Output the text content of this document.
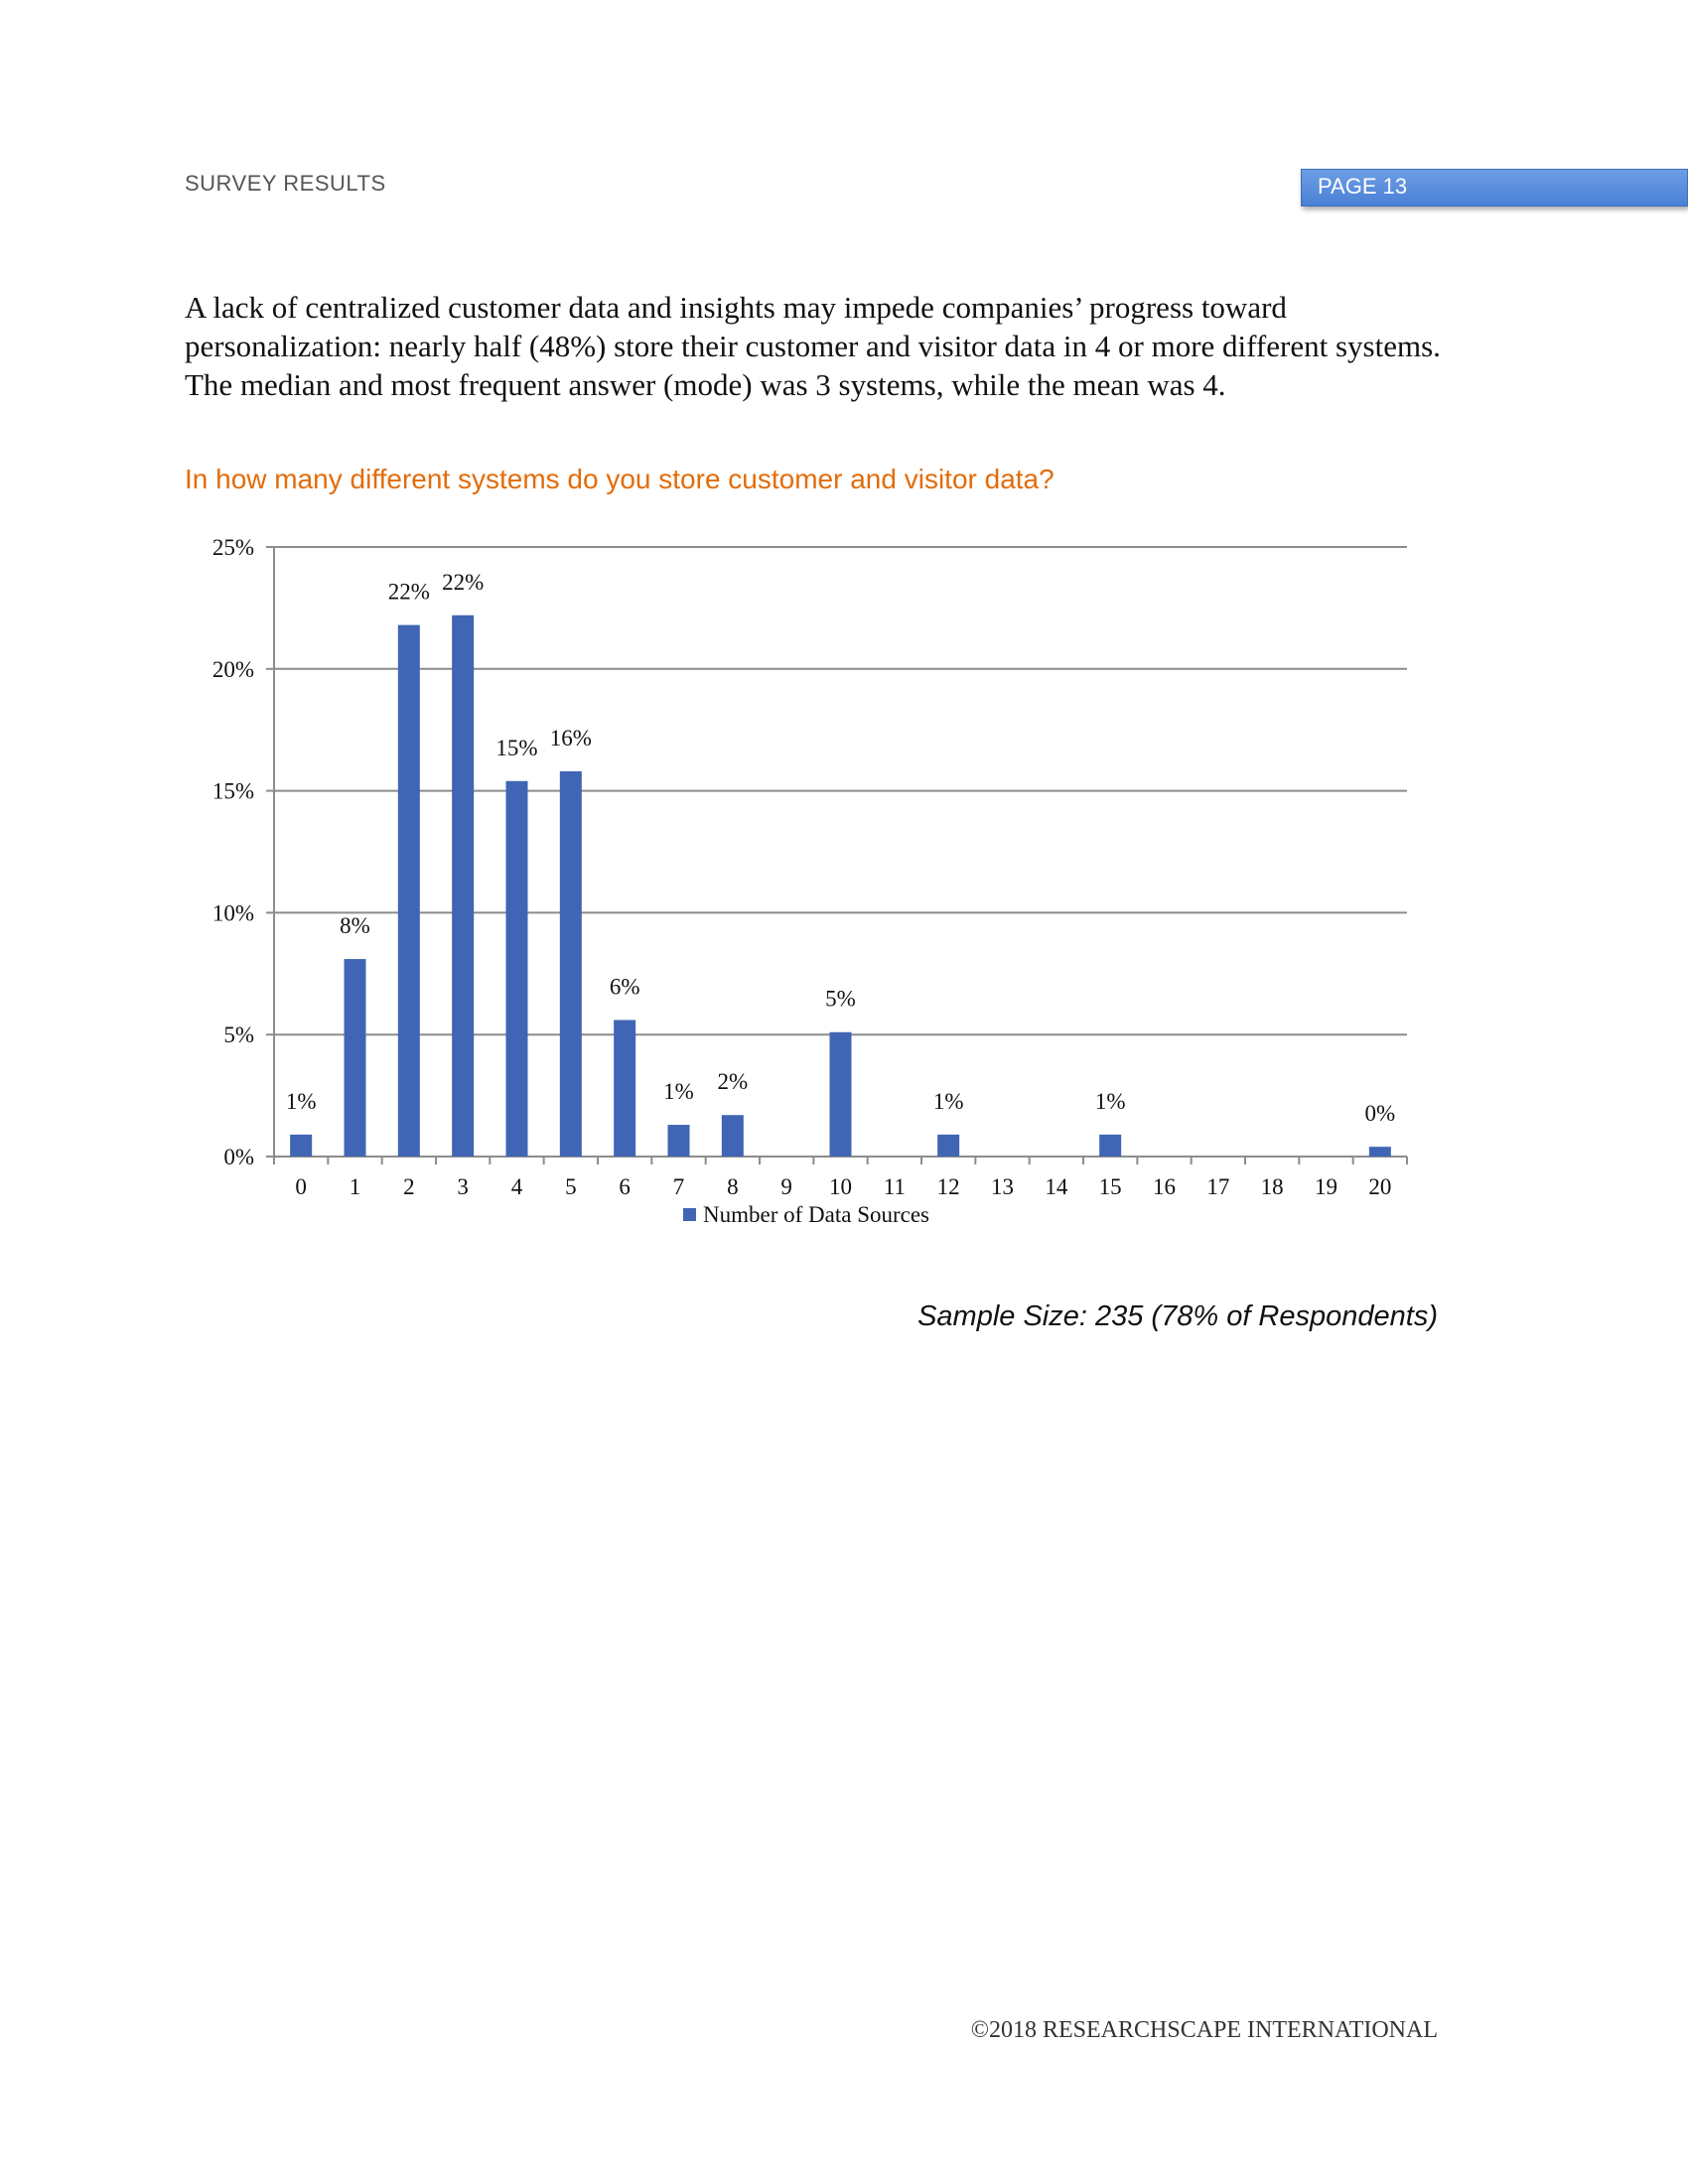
SURVEY RESULTS	PAGE 13
A lack of centralized customer data and insights may impede companies’ progress toward personalization: nearly half (48%) store their customer and visitor data in 4 or more different systems. The median and most frequent answer (mode) was 3 systems, while the mean was 4.
In how many different systems do you store customer and visitor data?
0%
5%
10%
15%
20%
25%
0 1 2 3 4 5 6 7 8 9 10 11 12 13 14 15 16 17 18 19 20
1%
8%
22% 22%
15% 16%
6%
1% 2%
5%
1%	1%	0%
Number of Data Sources
Sample Size: 235 (78% of Respondents)
©2018 RESEARCHSCAPE INTERNATIONAL
